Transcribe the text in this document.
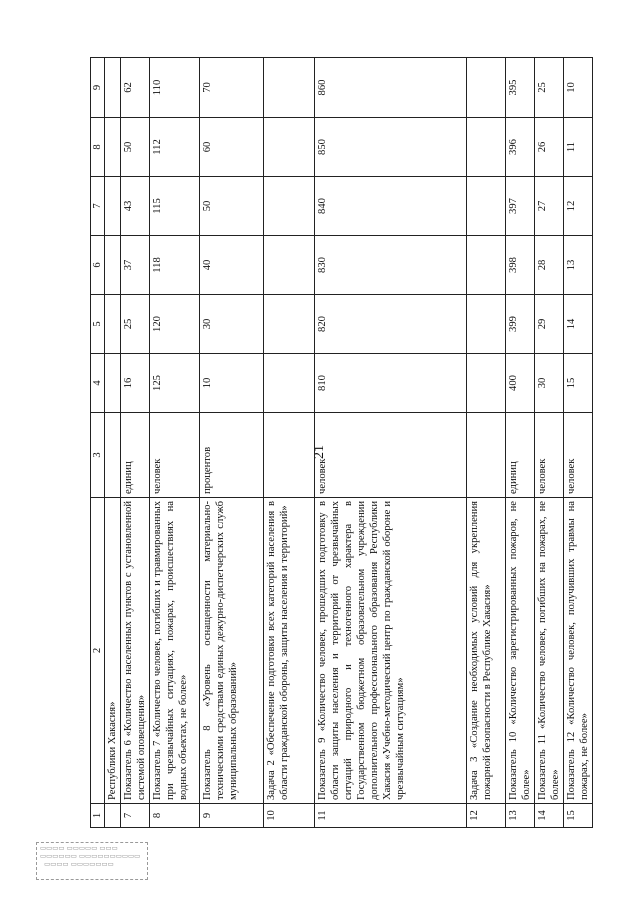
21
1	2	3	4	5	6	7	8	9
	Республики Хакасия»							
7	Показатель 6 «Количество населенных пунктов с установленной системой оповещения»	единиц	16	25	37	43	50	62
8	Показатель 7 «Количество человек, погибших и травмированных при чрезвычайных ситуациях, пожарах, происшествиях на водных объектах, не более»	человек	125	120	118	115	112	110
9	Показатель 8 «Уровень оснащенности материально-техническими средствами единых дежурно-диспетчерских служб муниципальных образований»	процентов	10	30	40	50	60	70
10	Задача 2 «Обеспечение подготовки всех категорий населения в области гражданской обороны, защиты населения и территорий»							
11	Показатель 9 «Количество человек, прошедших подготовку в области защиты населения и территорий от чрезвычайных ситуаций природного и техногенного характера в Государственном бюджетном образовательном учреждении дополнительного профессионального образования Республики Хакасия «Учебно-методический центр по гражданской обороне и чрезвычайным ситуациям»	человек	810	820	830	840	850	860
12	Задача 3 «Создание необходимых условий для укрепления пожарной безопасности в Республике Хакасия»							
13	Показатель 10 «Количество зарегистрированных пожаров, не более»	единиц	400	399	398	397	396	395
14	Показатель 11 «Количество человек, погибших на пожарах, не более»	человек	30	29	28	27	26	25
15	Показатель 12 «Количество человек, получивших травмы на пожарах, не более»	человек	15	14	13	12	11	10
▭▭▭▭ ▭▭▭▭▭ ▭▭▭
▭▭▭▭▭▭ ▭▭▭▭▭▭▭▭▭▭
▭▭▭▭ ▭▭▭▭▭▭▭
